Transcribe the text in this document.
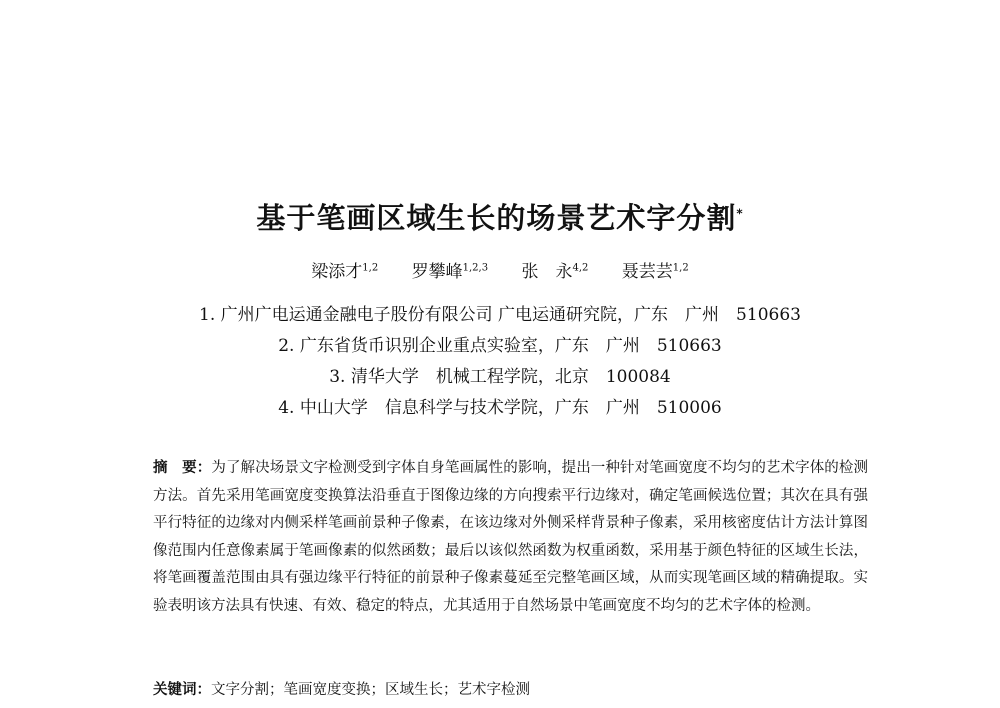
基于笔画区域生长的场景艺术字分割*
梁添才$^{1,2}$ 罗攀峰$^{1,2,3}$ 张　永$^{4,2}$ 聂芸芸$^{1,2}$
1. 广州广电运通金融电子股份有限公司 广电运通研究院，广东　广州　510663
2. 广东省货币识别企业重点实验室，广东　广州　510663
3. 清华大学　机械工程学院，北京　100084
4. 中山大学　信息科学与技术学院，广东　广州　510006
摘　要：为了解决场景文字检测受到字体自身笔画属性的影响，提出一种针对笔画宽度不均匀的艺术字体的检测方法。首先采用笔画宽度变换算法沿垂直于图像边缘的方向搜索平行边缘对，确定笔画候选位置；其次在具有强平行特征的边缘对内侧采样笔画前景种子像素，在该边缘对外侧采样背景种子像素，采用核密度估计方法计算图像范围内任意像素属于笔画像素的似然函数；最后以该似然函数为权重函数，采用基于颜色特征的区域生长法，将笔画覆盖范围由具有强边缘平行特征的前景种子像素蔓延至完整笔画区域，从而实现笔画区域的精确提取。实验表明该方法具有快速、有效、稳定的特点，尤其适用于自然场景中笔画宽度不均匀的艺术字体的检测。
关键词：文字分割；笔画宽度变换；区域生长；艺术字检测
